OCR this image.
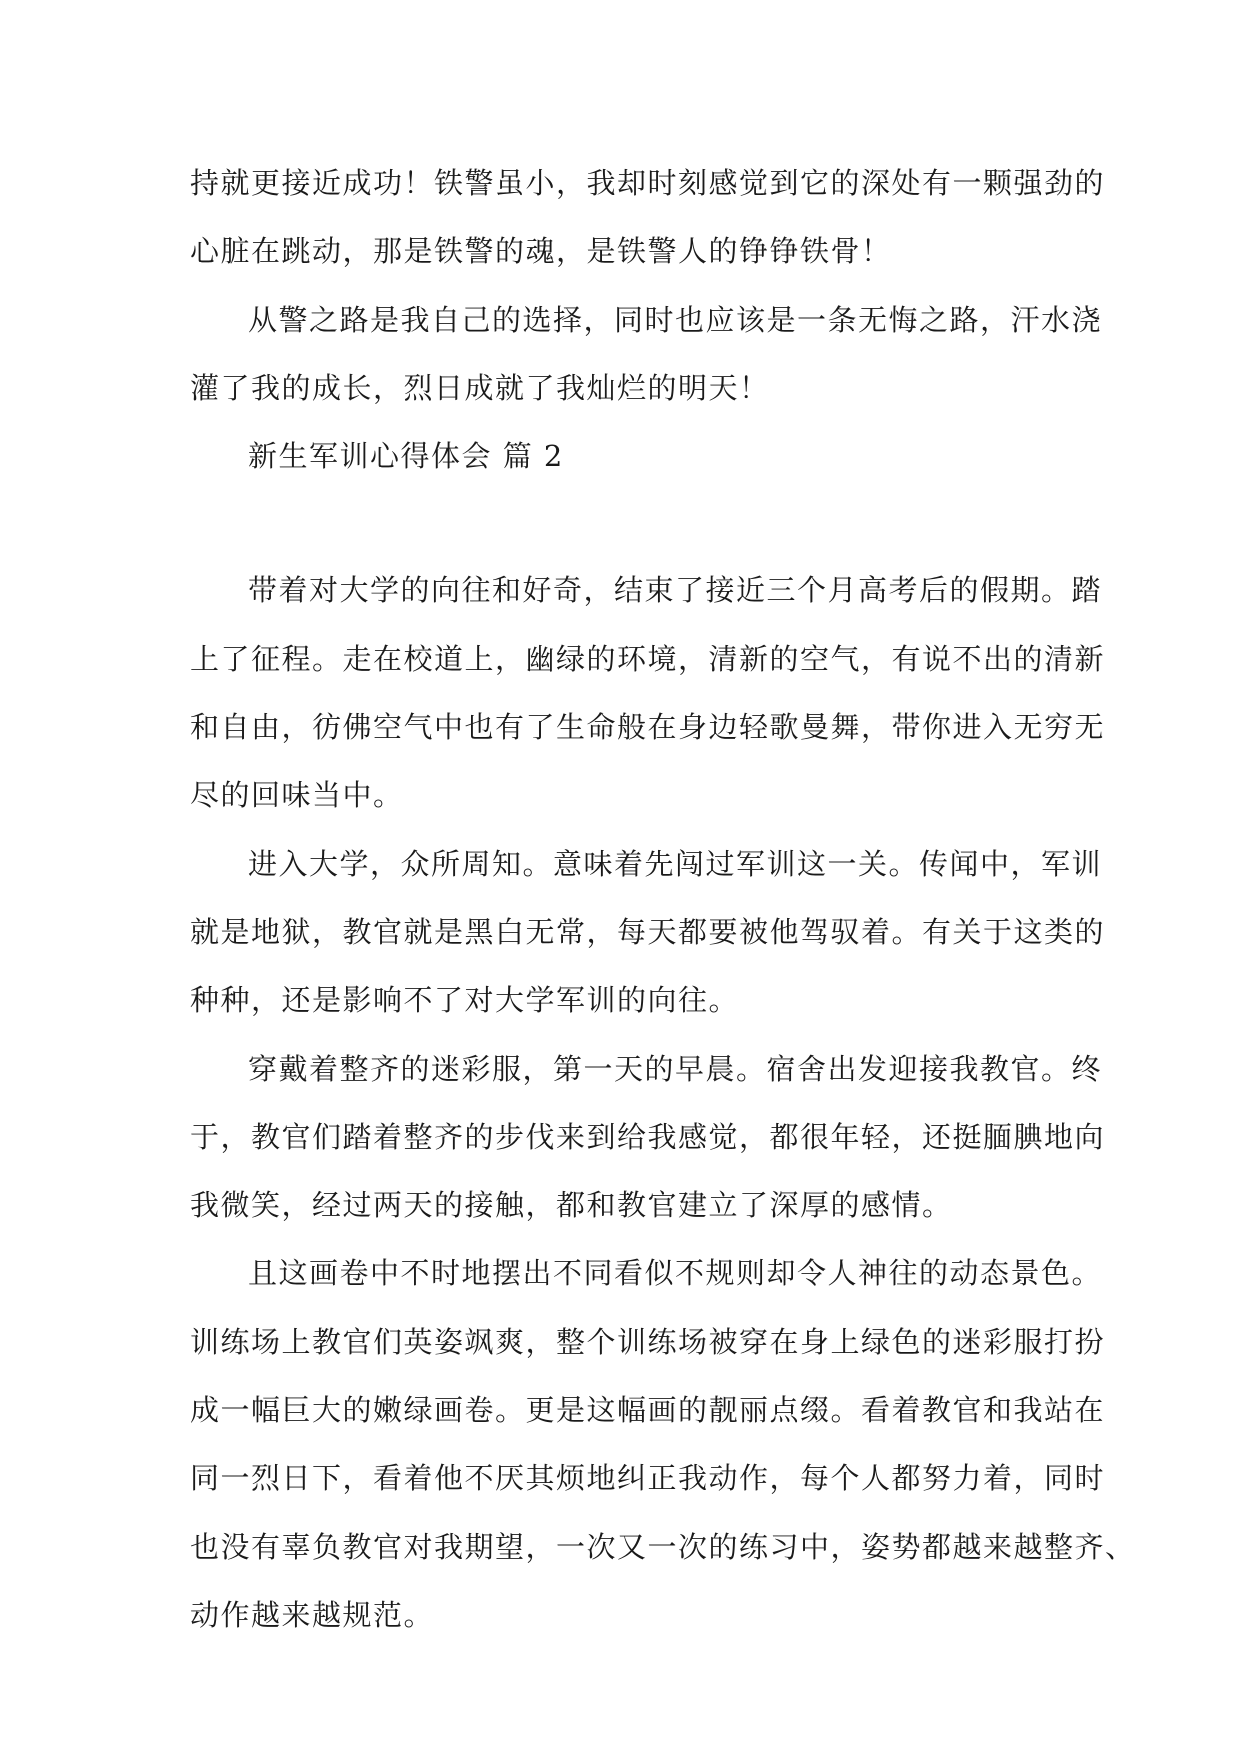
持就更接近成功！铁警虽小，我却时刻感觉到它的深处有一颗强劲的
心脏在跳动，那是铁警的魂，是铁警人的铮铮铁骨！
从警之路是我自己的选择，同时也应该是一条无悔之路，汗水浇
灌了我的成长，烈日成就了我灿烂的明天！
新生军训心得体会 篇 2
带着对大学的向往和好奇，结束了接近三个月高考后的假期。踏
上了征程。走在校道上，幽绿的环境，清新的空气，有说不出的清新
和自由，彷佛空气中也有了生命般在身边轻歌曼舞，带你进入无穷无
尽的回味当中。
进入大学，众所周知。意味着先闯过军训这一关。传闻中，军训
就是地狱，教官就是黑白无常，每天都要被他驾驭着。有关于这类的
种种，还是影响不了对大学军训的向往。
穿戴着整齐的迷彩服，第一天的早晨。宿舍出发迎接我教官。终
于，教官们踏着整齐的步伐来到给我感觉，都很年轻，还挺腼腆地向
我微笑，经过两天的接触，都和教官建立了深厚的感情。
且这画卷中不时地摆出不同看似不规则却令人神往的动态景色。
训练场上教官们英姿飒爽，整个训练场被穿在身上绿色的迷彩服打扮
成一幅巨大的嫩绿画卷。更是这幅画的靓丽点缀。看着教官和我站在
同一烈日下，看着他不厌其烦地纠正我动作，每个人都努力着，同时
也没有辜负教官对我期望，一次又一次的练习中，姿势都越来越整齐、
动作越来越规范。
